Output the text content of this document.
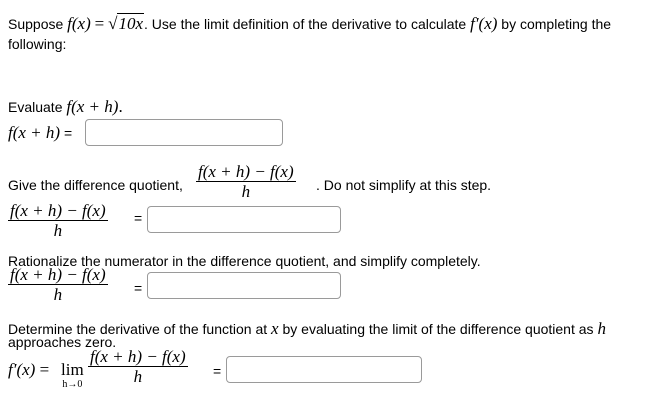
Suppose f(x) = √10x. Use the limit definition of the derivative to calculate f′(x) by completing the
following:
Evaluate f(x + h).
f(x + h) =
Give the difference quotient,
f(x + h) − f(x)
h	. Do not simplify at this step.
f(x + h) − f(x)
h
=
Rationalize the numerator in the difference quotient, and simplify completely.
f(x + h) − f(x)
h	=
Determine the derivative of the function at x by evaluating the limit of the difference quotient as h
approaches zero.
f′(x) = lim
h→0
f(x + h) − f(x)
h	=
